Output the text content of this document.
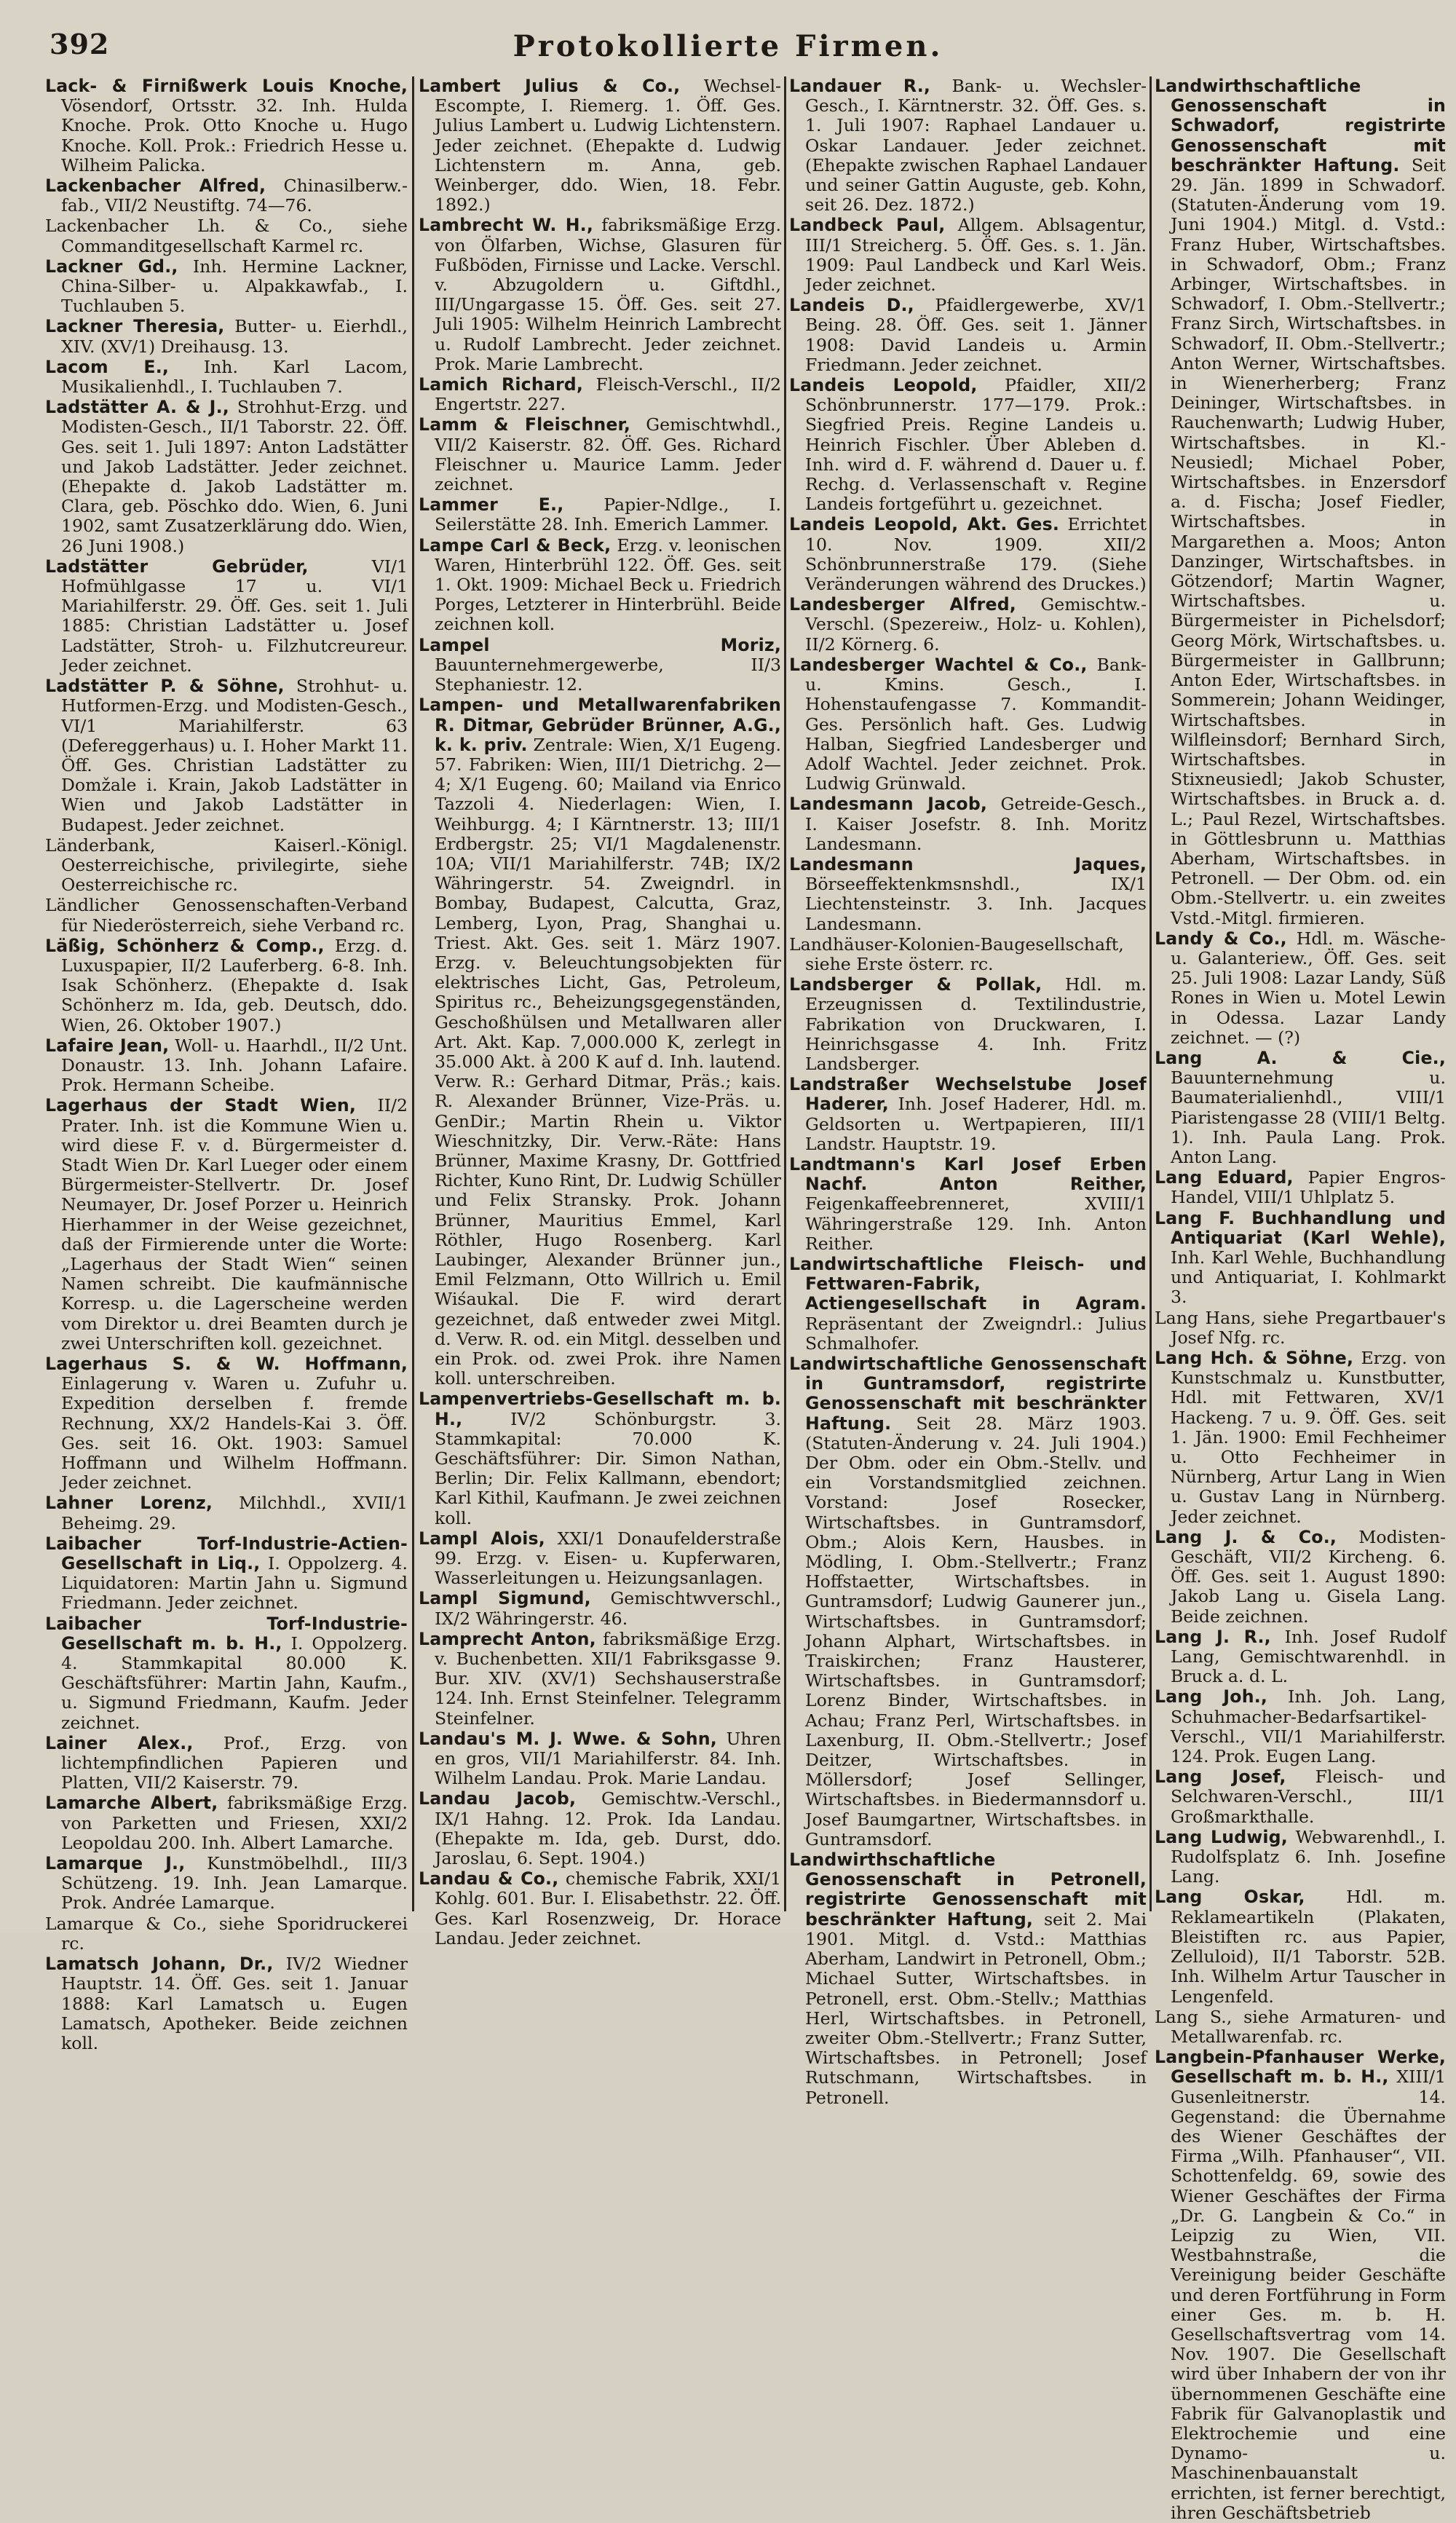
392	Protokollierte Firmen.

Lack- & Firnißwerk Louis Knoche, Vösendorf, Ortsstr. 32. Inh. Hulda Knoche. Prok. Otto Knoche u. Hugo Knoche. Koll. Prok.: Friedrich Hesse u. Wilheim Palicka.

Lackenbacher Alfred, Chinasilberw.-fab., VII/2 Neustiftg. 74—76.

Lackenbacher Lh. & Co., siehe Commanditgesellschaft Karmel rc.

Lackner Gd., Inh. Hermine Lackner, China-Silber- u. Alpakkawfab., I. Tuchlauben 5.

Lackner Theresia, Butter- u. Eierhdl., XIV. (XV/1) Dreihausg. 13.

Lacom E., Inh. Karl Lacom, Musikalienhdl., I. Tuchlauben 7.

Ladstätter A. & J., Strohhut-Erzg. und Modisten-Gesch., II/1 Taborstr. 22. Öff. Ges. seit 1. Juli 1897: Anton Ladstätter und Jakob Ladstätter. Jeder zeichnet. (Ehepakte d. Jakob Ladstätter m. Clara, geb. Pöschko ddo. Wien, 6. Juni 1902, samt Zusatzerklärung ddo. Wien, 26 Juni 1908.)

Ladstätter Gebrüder,	VI/1 Hofmühlgasse 17 u. VI/1 Mariahilferstr. 29. Öff. Ges. seit 1. Juli 1885: Christian Ladstätter u. Josef Ladstätter, Stroh- u. Filzhutcreureur. Jeder zeichnet.

Ladstätter P. & Söhne, Strohhut- u. Hutformen-Erzg. und Modisten-Gesch., VI/1 Mariahilferstr. 63 (Defereggerhaus) u. I. Hoher Markt 11. Öff. Ges. Christian Ladstätter zu Domžale i. Krain, Jakob Ladstätter in Wien und Jakob Ladstätter in Budapest. Jeder zeichnet.

Länderbank, Kaiserl.-Königl. Oesterreichische, privilegirte, siehe Oesterreichische rc.

Ländlicher Genossenschaften-Verband für Niederösterreich, siehe Verband rc.

Läßig, Schönherz & Comp., Erzg. d. Luxuspapier, II/2 Lauferberg. 6-8. Inh. Isak Schönherz. (Ehepakte d. Isak Schönherz m. Ida, geb. Deutsch, ddo. Wien, 26. Oktober 1907.)

Lafaire Jean, Woll- u. Haarhdl., II/2 Unt. Donaustr. 13. Inh. Johann Lafaire. Prok. Hermann Scheibe.

Lagerhaus der Stadt Wien, II/2 Prater. Inh. ist die Kommune Wien u. wird diese F. v. d. Bürgermeister d. Stadt Wien Dr. Karl Lueger oder einem Bürgermeister-Stellvertr. Dr. Josef Neumayer, Dr. Josef Porzer u. Heinrich Hierhammer in der Weise gezeichnet, daß der Firmierende unter die Worte: „Lagerhaus der Stadt Wien“ seinen Namen schreibt. Die kaufmännische Korresp. u. die Lagerscheine werden vom Direktor u. drei Beamten durch je zwei Unterschriften koll. gezeichnet.

Lagerhaus S. & W. Hoffmann, Einlagerung v. Waren u. Zufuhr u. Expedition derselben f. fremde Rechnung, XX/2 Handels-Kai 3. Öff. Ges. seit 16. Okt. 1903: Samuel Hoffmann und Wilhelm Hoffmann. Jeder zeichnet.

Lahner Lorenz, Milchhdl., XVII/1 Beheimg. 29.

Laibacher Torf-Industrie-Actien-Gesellschaft in Liq., I. Oppolzerg. 4. Liquidatoren: Martin Jahn u. Sigmund Friedmann. Jeder zeichnet.

Laibacher Torf-Industrie-Gesellschaft m. b. H., I. Oppolzerg. 4. Stammkapital 80.000 K. Geschäftsführer: Martin Jahn, Kaufm., u. Sigmund Friedmann, Kaufm. Jeder zeichnet.

Lainer Alex., Prof., Erzg. von lichtempfindlichen Papieren und Platten, VII/2 Kaiserstr. 79.

Lamarche Albert, fabriksmäßige Erzg. von Parketten und Friesen, XXI/2 Leopoldau 200. Inh. Albert Lamarche.

Lamarque J., Kunstmöbelhdl., III/3 Schützeng. 19. Inh. Jean Lamarque. Prok. Andrée Lamarque.

Lamarque & Co., siehe Sporidruckerei rc.

Lamatsch Johann, Dr., IV/2 Wiedner Hauptstr. 14. Öff. Ges. seit 1. Januar 1888: Karl Lamatsch u. Eugen Lamatsch, Apotheker. Beide zeichnen koll.

Lambert Julius & Co., Wechsel-Escompte, I. Riemerg. 1. Öff. Ges. Julius Lambert u. Ludwig Lichtenstern. Jeder zeichnet. (Ehepakte d. Ludwig Lichtenstern m. Anna, geb. Weinberger, ddo. Wien, 18. Febr. 1892.)

Lambrecht W. H., fabriksmäßige Erzg. von Ölfarben, Wichse, Glasuren für Fußböden, Firnisse und Lacke. Verschl. v. Abzugoldern u. Giftdhl., III/Ungargasse 15. Öff. Ges. seit 27. Juli 1905: Wilhelm Heinrich Lambrecht u. Rudolf Lambrecht. Jeder zeichnet. Prok. Marie Lambrecht.

Lamich Richard, Fleisch-Verschl., II/2 Engertstr. 227.

Lamm & Fleischner, Gemischtwhdl., VII/2 Kaiserstr. 82. Öff. Ges. Richard Fleischner u. Maurice Lamm. Jeder zeichnet.

Lammer E., Papier-Ndlge., I. Seilerstätte 28. Inh. Emerich Lammer.

Lampe Carl & Beck, Erzg. v. leonischen Waren, Hinterbrühl 122. Öff. Ges. seit 1. Okt. 1909: Michael Beck u. Friedrich Porges, Letzterer in Hinterbrühl. Beide zeichnen koll.

Lampel Moriz, Bauunternehmergewerbe, II/3 Stephaniestr. 12.

Lampen- und Metallwarenfabriken R. Ditmar, Gebrüder Brünner, A.G., k. k. priv. Zentrale: Wien, X/1 Eugeng. 57. Fabriken: Wien, III/1 Dietrichg. 2—4; X/1 Eugeng. 60; Mailand via Enrico Tazzoli 4. Niederlagen: Wien, I. Weihburgg. 4; I Kärntnerstr. 13; III/1 Erdbergstr. 25; VI/1 Magdalenenstr. 10A; VII/1 Mariahilferstr. 74B; IX/2 Währingerstr. 54. Zweigndrl. in Bombay, Budapest, Calcutta, Graz, Lemberg, Lyon, Prag, Shanghai u. Triest. Akt. Ges. seit 1. März 1907. Erzg. v. Beleuchtungsobjekten für elektrisches Licht, Gas, Petroleum, Spiritus rc., Beheizungsgegenständen, Geschoßhülsen und Metallwaren aller Art. Akt. Kap. 7,000.000 K, zerlegt in 35.000 Akt. à 200 K auf d. Inh. lautend. Verw. R.: Gerhard Ditmar, Präs.; kais. R. Alexander Brünner, Vize-Präs. u. GenDir.; Martin Rhein u. Viktor Wieschnitzky, Dir. Verw.-Räte: Hans Brünner, Maxime Krasny, Dr. Gottfried Richter, Kuno Rint, Dr. Ludwig Schüller und Felix Stransky. Prok. Johann Brünner, Mauritius Emmel, Karl Röthler, Hugo Rosenberg. Karl Laubinger, Alexander Brünner jun., Emil Felzmann, Otto Willrich u. Emil Wiśaukal. Die F. wird derart gezeichnet, daß entweder zwei Mitgl. d. Verw. R. od. ein Mitgl. desselben und ein Prok. od. zwei Prok. ihre Namen koll. unterschreiben.

Lampenvertriebs-Gesellschaft m. b. H.,	IV/2 Schönburgstr. 3. Stammkapital: 70.000 K. Geschäftsführer: Dir. Simon Nathan, Berlin; Dir. Felix Kallmann, ebendort; Karl Kithil, Kaufmann. Je zwei zeichnen koll.

Lampl Alois, XXI/1 Donaufelderstraße 99. Erzg. v. Eisen- u. Kupferwaren, Wasserleitungen u. Heizungsanlagen.

Lampl Sigmund, Gemischtwverschl., IX/2 Währingerstr. 46.

Lamprecht Anton, fabriksmäßige Erzg. v. Buchenbetten. XII/1 Fabriksgasse 9. Bur. XIV. (XV/1) Sechshauserstraße 124. Inh. Ernst Steinfelner. Telegramm Steinfelner.

Landau's M. J. Wwe. & Sohn, Uhren en gros, VII/1 Mariahilferstr. 84. Inh. Wilhelm Landau. Prok. Marie Landau.

Landau Jacob, Gemischtw.-Verschl., IX/1 Hahng. 12. Prok. Ida Landau. (Ehepakte m. Ida, geb. Durst, ddo. Jaroslau, 6. Sept. 1904.)

Landau & Co., chemische Fabrik, XXI/1 Kohlg. 601. Bur. I. Elisabethstr. 22. Öff. Ges. Karl Rosenzweig, Dr. Horace Landau. Jeder zeichnet.

Landauer R., Bank- u. Wechsler-Gesch., I. Kärntnerstr. 32. Öff. Ges. s. 1. Juli 1907: Raphael Landauer u. Oskar Landauer. Jeder zeichnet. (Ehepakte zwischen Raphael Landauer und seiner Gattin Auguste, geb. Kohn, seit 26. Dez. 1872.)

Landbeck Paul, Allgem. Ablsagentur, III/1 Streicherg. 5. Öff. Ges. s. 1. Jän. 1909: Paul Landbeck und Karl Weis. Jeder zeichnet.

Landeis D., Pfaidlergewerbe, XV/1 Being. 28. Öff. Ges. seit 1. Jänner 1908: David Landeis u. Armin Friedmann. Jeder zeichnet.

Landeis Leopold, Pfaidler, XII/2 Schönbrunnerstr. 177—179. Prok.: Siegfried Preis. Regine Landeis u. Heinrich Fischler. Über Ableben d. Inh. wird d. F. während d. Dauer u. f. Rechg. d. Verlassenschaft v. Regine Landeis fortgeführt u. gezeichnet.

Landeis Leopold, Akt. Ges. Errichtet 10. Nov. 1909. XII/2 Schönbrunnerstraße 179. (Siehe Veränderungen während des Druckes.)

Landesberger Alfred, Gemischtw.-Verschl. (Spezereiw., Holz- u. Kohlen), II/2 Körnerg. 6.

Landesberger Wachtel & Co., Bank- u. Kmins. Gesch., I. Hohenstaufengasse 7. Kommandit-Ges. Persönlich haft. Ges. Ludwig Halban, Siegfried Landesberger und Adolf Wachtel. Jeder zeichnet. Prok. Ludwig Grünwald.

Landesmann Jacob, Getreide-Gesch., I. Kaiser Josefstr. 8. Inh. Moritz Landesmann.

Landesmann Jaques, Börseeffektenkmsnshdl., IX/1 Liechtensteinstr. 3. Inh. Jacques Landesmann.

Landhäuser-Kolonien-Baugesellschaft, siehe Erste österr. rc.

Landsberger & Pollak, Hdl. m. Erzeugnissen d. Textilindustrie, Fabrikation von Druckwaren, I. Heinrichsgasse 4. Inh. Fritz Landsberger.

Landstraßer Wechselstube Josef Haderer, Inh. Josef Haderer, Hdl. m. Geldsorten u. Wertpapieren, III/1 Landstr. Hauptstr. 19.

Landtmann's Karl Josef Erben Nachf. Anton Reither, Feigenkaffeebrenneret, XVIII/1 Währingerstraße 129. Inh. Anton Reither.

Landwirtschaftliche Fleisch- und Fettwaren-Fabrik, Actiengesellschaft in Agram. Repräsentant der Zweigndrl.: Julius Schmalhofer.

Landwirtschaftliche Genossenschaft in Guntramsdorf, registrirte Genossenschaft mit beschränkter Haftung. Seit 28. März 1903. (Statuten-Änderung v. 24. Juli 1904.) Der Obm. oder ein Obm.-Stellv. und ein Vorstandsmitglied zeichnen. Vorstand: Josef Rosecker, Wirtschaftsbes. in Guntramsdorf, Obm.; Alois Kern, Hausbes. in Mödling, I. Obm.-Stellvertr.; Franz Hoffstaetter, Wirtschaftsbes. in Guntramsdorf; Ludwig Gaunerer jun., Wirtschaftsbes. in Guntramsdorf; Johann Alphart, Wirtschaftsbes. in Traiskirchen; Franz Hausterer, Wirtschaftsbes. in Guntramsdorf; Lorenz Binder, Wirtschaftsbes. in Achau; Franz Perl, Wirtschaftsbes. in Laxenburg, II. Obm.-Stellvertr.; Josef Deitzer, Wirtschaftsbes. in Möllersdorf; Josef Sellinger, Wirtschaftsbes. in Biedermannsdorf u. Josef Baumgartner, Wirtschaftsbes. in Guntramsdorf.

Landwirthschaftliche Genossenschaft in Petronell, registrirte Genossenschaft mit beschränkter Haftung, seit 2. Mai 1901. Mitgl. d. Vstd.: Matthias Aberham, Landwirt in Petronell, Obm.; Michael Sutter, Wirtschaftsbes. in Petronell, erst. Obm.-Stellv.; Matthias Herl, Wirtschaftsbes. in Petronell, zweiter Obm.-Stellvertr.; Franz Sutter, Wirtschaftsbes. in Petronell; Josef Rutschmann, Wirtschaftsbes. in Petronell.

Landwirthschaftliche Genossenschaft in Schwadorf, registrirte Genossenschaft mit beschränkter Haftung. Seit 29. Jän. 1899 in Schwadorf. (Statuten-Änderung vom 19. Juni 1904.) Mitgl. d. Vstd.: Franz Huber, Wirtschaftsbes. in Schwadorf, Obm.; Franz Arbinger, Wirtschaftsbes. in Schwadorf, I. Obm.-Stellvertr.; Franz Sirch, Wirtschaftsbes. in Schwadorf, II. Obm.-Stellvertr.; Anton Werner, Wirtschaftsbes. in Wienerherberg; Franz Deininger, Wirtschaftsbes. in Rauchenwarth; Ludwig Huber, Wirtschaftsbes. in Kl.-Neusiedl; Michael Pober, Wirtschaftsbes. in Enzersdorf a. d. Fischa; Josef Fiedler, Wirtschaftsbes. in Margarethen a. Moos; Anton Danzinger, Wirtschaftsbes. in Götzendorf; Martin Wagner, Wirtschaftsbes. u. Bürgermeister in Pichelsdorf; Georg Mörk, Wirtschaftsbes. u. Bürgermeister in Gallbrunn; Anton Eder, Wirtschaftsbes. in Sommerein; Johann Weidinger, Wirtschaftsbes. in Wilfleinsdorf; Bernhard Sirch, Wirtschaftsbes. in Stixneusiedl; Jakob Schuster, Wirtschaftsbes. in Bruck a. d. L.; Paul Rezel, Wirtschaftsbes. in Göttlesbrunn u. Matthias Aberham, Wirtschaftsbes. in Petronell. — Der Obm. od. ein Obm.-Stellvertr. u. ein zweites Vstd.-Mitgl. firmieren.

Landy & Co., Hdl. m. Wäsche- u. Galanteriew., Öff. Ges. seit 25. Juli 1908: Lazar Landy, Süß Rones in Wien u. Motel Lewin in Odessa. Lazar Landy zeichnet. — (?)

Lang A. & Cie., Bauunternehmung u. Baumaterialienhdl., VIII/1 Piaristengasse 28 (VIII/1 Beltg. 1). Inh. Paula Lang. Prok. Anton Lang.

Lang Eduard, Papier Engros-Handel, VIII/1 Uhlplatz 5.

Lang F. Buchhandlung und Antiquariat (Karl Wehle), Inh. Karl Wehle, Buchhandlung und Antiquariat, I. Kohlmarkt 3.

Lang Hans, siehe Pregartbauer's Josef Nfg. rc.

Lang Hch. & Söhne, Erzg. von Kunstschmalz u. Kunstbutter, Hdl. mit Fettwaren, XV/1 Hackeng. 7 u. 9. Öff. Ges. seit 1. Jän. 1900: Emil Fechheimer u. Otto Fechheimer in Nürnberg, Artur Lang in Wien u. Gustav Lang in Nürnberg. Jeder zeichnet.

Lang J. & Co., Modisten-Geschäft, VII/2 Kircheng. 6. Öff. Ges. seit 1. August 1890: Jakob Lang u. Gisela Lang. Beide zeichnen.

Lang J. R., Inh. Josef Rudolf Lang, Gemischtwarenhdl. in Bruck a. d. L.

Lang Joh., Inh. Joh. Lang, Schuhmacher-Bedarfsartikel-Verschl., VII/1 Mariahilferstr. 124. Prok. Eugen Lang.

Lang Josef, Fleisch- und Selchwaren-Verschl., III/1 Großmarkthalle.

Lang Ludwig, Webwarenhdl., I. Rudolfsplatz 6. Inh. Josefine Lang.

Lang Oskar, Hdl. m. Reklameartikeln (Plakaten, Bleistiften rc. aus Papier, Zelluloid), II/1 Taborstr. 52B. Inh. Wilhelm Artur Tauscher in Lengenfeld.

Lang S., siehe Armaturen- und Metallwarenfab. rc.

Langbein-Pfanhauser Werke, Gesellschaft m. b. H., XIII/1 Gusenleitnerstr. 14. Gegenstand: die Übernahme des Wiener Geschäftes der Firma „Wilh. Pfanhauser“, VII. Schottenfeldg. 69, sowie des Wiener Geschäftes der Firma „Dr. G. Langbein & Co.“ in Leipzig zu Wien, VII. Westbahnstraße, die Vereinigung beider Geschäfte und deren Fortführung in Form einer Ges. m. b. H. Gesellschaftsvertrag vom 14. Nov. 1907. Die Gesellschaft wird über Inhabern der von ihr übernommenen Geschäfte eine Fabrik für Galvanoplastik und Elektrochemie und eine Dynamo- u. Maschinenbauanstalt errichten, ist ferner berechtigt, ihren Geschäftsbetrieb
